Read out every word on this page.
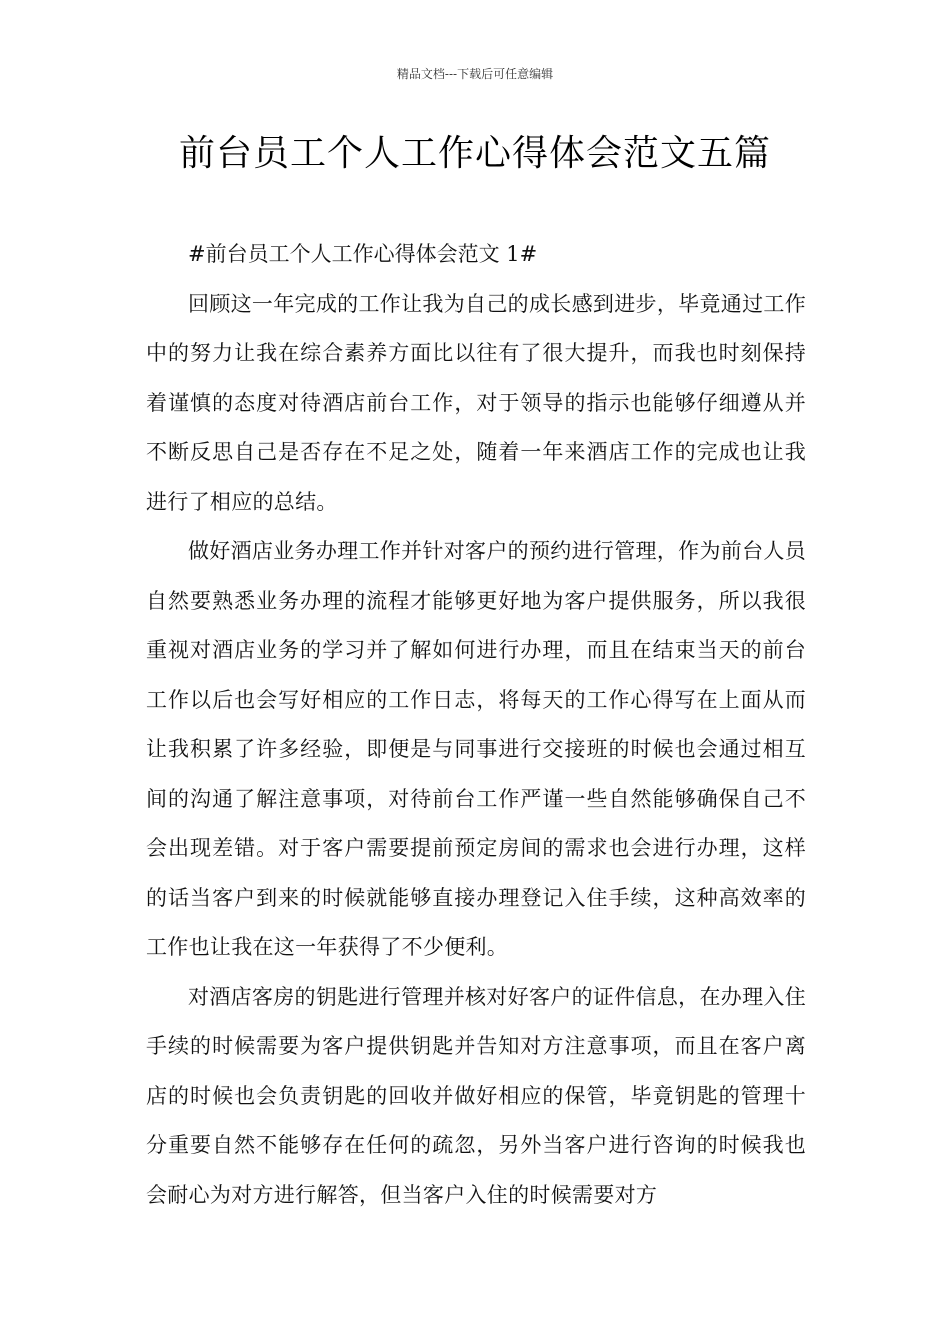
精品文档---下载后可任意编辑
前台员工个人工作心得体会范文五篇

#前台员工个人工作心得体会范文 1#

回顾这一年完成的工作让我为自己的成长感到进步，毕竟通过工作中的努力让我在综合素养方面比以往有了很大提升，而我也时刻保持着谨慎的态度对待酒店前台工作，对于领导的指示也能够仔细遵从并不断反思自己是否存在不足之处，随着一年来酒店工作的完成也让我进行了相应的总结。

做好酒店业务办理工作并针对客户的预约进行管理，作为前台人员自然要熟悉业务办理的流程才能够更好地为客户提供服务，所以我很重视对酒店业务的学习并了解如何进行办理，而且在结束当天的前台工作以后也会写好相应的工作日志，将每天的工作心得写在上面从而让我积累了许多经验，即便是与同事进行交接班的时候也会通过相互间的沟通了解注意事项，对待前台工作严谨一些自然能够确保自己不会出现差错。对于客户需要提前预定房间的需求也会进行办理，这样的话当客户到来的时候就能够直接办理登记入住手续，这种高效率的工作也让我在这一年获得了不少便利。

对酒店客房的钥匙进行管理并核对好客户的证件信息，在办理入住手续的时候需要为客户提供钥匙并告知对方注意事项，而且在客户离店的时候也会负责钥匙的回收并做好相应的保管，毕竟钥匙的管理十分重要自然不能够存在任何的疏忽，另外当客户进行咨询的时候我也会耐心为对方进行解答，但当客户入住的时候需要对方
